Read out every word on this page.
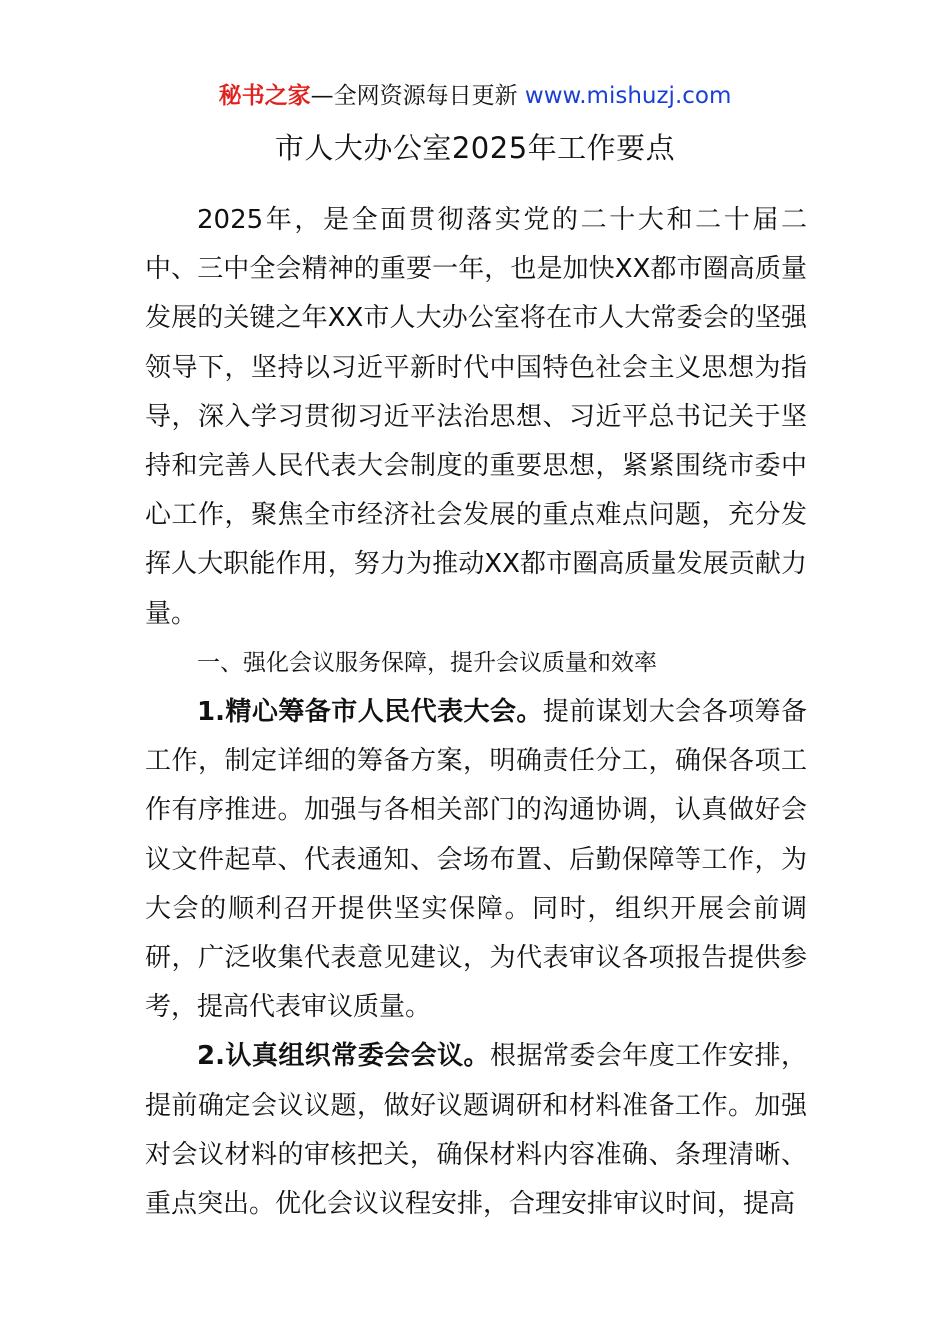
秘书之家—全网资源每日更新 www.mishuzj.com
市人大办公室2025年工作要点

2025年，是全面贯彻落实党的二十大和二十届二中、三中全会精神的重要一年，也是加快XX都市圈高质量发展的关键之年XX市人大办公室将在市人大常委会的坚强领导下，坚持以习近平新时代中国特色社会主义思想为指导，深入学习贯彻习近平法治思想、习近平总书记关于坚持和完善人民代表大会制度的重要思想，紧紧围绕市委中心工作，聚焦全市经济社会发展的重点难点问题，充分发挥人大职能作用，努力为推动XX都市圈高质量发展贡献力量。

一、强化会议服务保障，提升会议质量和效率

1.精心筹备市人民代表大会。提前谋划大会各项筹备工作，制定详细的筹备方案，明确责任分工，确保各项工作有序推进。加强与各相关部门的沟通协调，认真做好会议文件起草、代表通知、会场布置、后勤保障等工作，为大会的顺利召开提供坚实保障。同时，组织开展会前调研，广泛收集代表意见建议，为代表审议各项报告提供参考，提高代表审议质量。

2.认真组织常委会会议。根据常委会年度工作安排，提前确定会议议题，做好议题调研和材料准备工作。加强对会议材料的审核把关，确保材料内容准确、条理清晰、重点突出。优化会议议程安排，合理安排审议时间，提高
